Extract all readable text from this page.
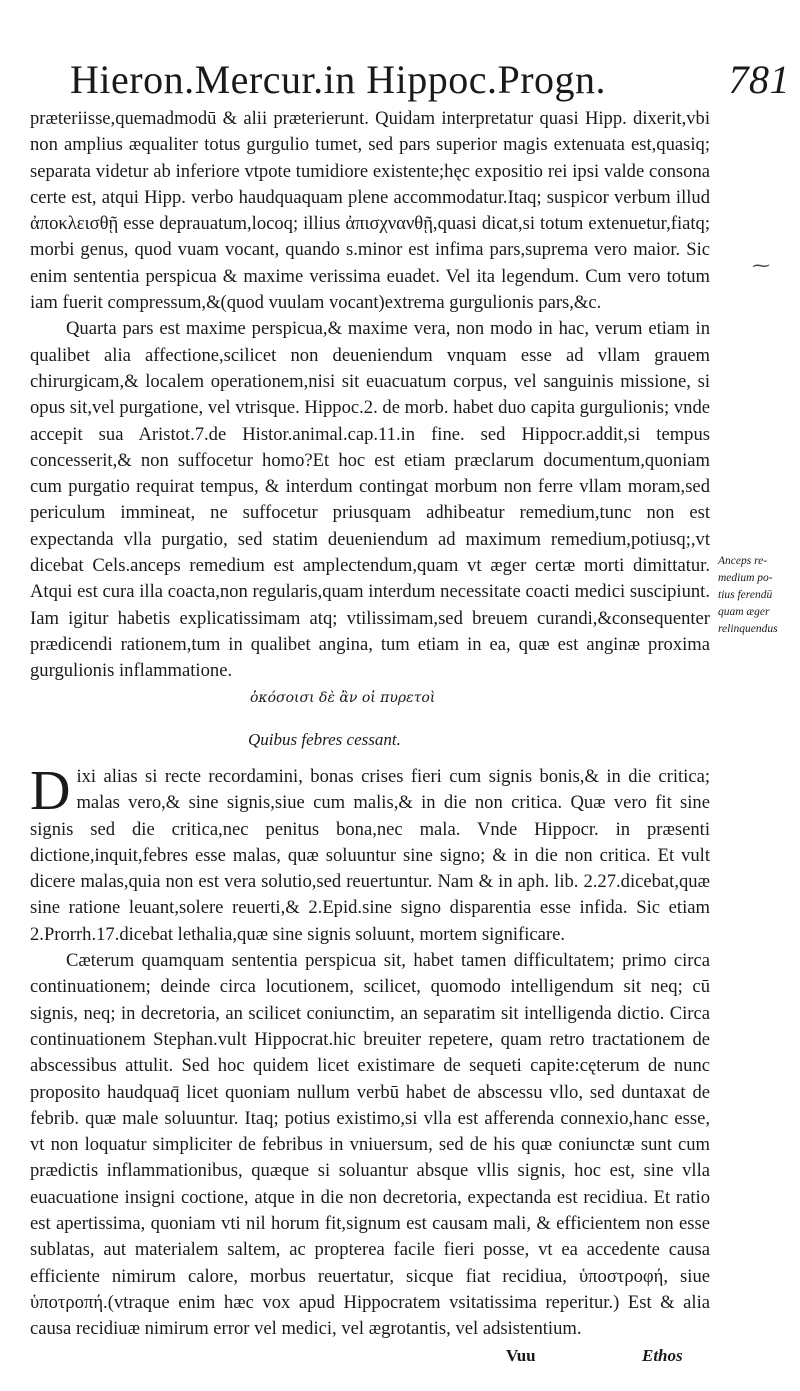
Hieron.Mercur.in Hippoc.Progn.	781
⁓

præteriisse,quemadmodū & alii præterierunt. Quidam interpretatur quasi Hipp. dixerit,vbi non amplius æqualiter totus gurgulio tumet, sed pars superior magis extenuata est,quasiq; separata videtur ab inferiore vtpote tumidiore existente;hęc expositio rei ipsi valde consona certe est, atqui Hipp. verbo haudquaquam plene accommodatur.Itaq; suspicor verbum illud ἀποκλεισθῇ esse deprauatum,locoq; illius ἀπισχνανθῇ,quasi dicat,si totum extenuetur,fiatq; morbi genus, quod vuam vocant, quando s.minor est infima pars,suprema vero maior. Sic enim sententia perspicua & maxime verissima euadet. Vel ita legendum. Cum vero totum iam fuerit compressum,&(quod vuulam vocant)extrema gurgulionis pars,&c.

Quarta pars est maxime perspicua,& maxime vera, non modo in hac, verum etiam in qualibet alia affectione,scilicet non deueniendum vnquam esse ad vllam grauem chirurgicam,& localem operationem,nisi sit euacuatum corpus, vel sanguinis missione, si opus sit,vel purgatione, vel vtrisque. Hippoc.2. de morb. habet duo capita gurgulionis; vnde accepit sua Aristot.7.de Histor.animal.cap.11.in fine. sed Hippocr.addit,si tempus concesserit,& non suffocetur homo?Et hoc est etiam præclarum documentum,quoniam cum purgatio requirat tempus, & interdum contingat morbum non ferre vllam moram,sed periculum immineat, ne suffocetur priusquam adhibeatur remedium,tunc non est expectanda vlla purgatio, sed statim deueniendum ad maximum remedium,potiusq;,vt dicebat Cels.anceps remedium est amplectendum,quam vt æger certæ morti dimittatur. Atqui est cura illa coacta,non regularis,quam interdum necessitate coacti medici suscipiunt. Iam igitur habetis explicatissimam atq; vtilissimam,sed breuem curandi,&consequenter prædicendi rationem,tum in qualibet angina, tum etiam in ea, quæ est anginæ proxima gurgulionis inflammatione.

Anceps re-
medium po-
tius ferendū
quam æger
relinquendus
ὁκόσοισι δὲ ἂν οἱ πυρετοὶ
Quibus febres cessant.
D ixi alias si recte recordamini, bonas crises fieri cum signis bonis,& in die critica; malas vero,& sine signis,siue cum malis,& in die non critica. Quæ vero fit sine signis sed die critica,nec penitus bona,nec mala. Vnde Hippocr. in præsenti dictione,inquit,febres esse malas, quæ soluuntur sine signo; & in die non critica. Et vult dicere malas,quia non est vera solutio,sed reuertuntur. Nam & in aph. lib. 2.27.dicebat,quæ sine ratione leuant,solere reuerti,& 2.Epid.sine signo disparentia esse infida. Sic etiam 2.Prorrh.17.dicebat lethalia,quæ sine signis soluunt, mortem significare.

Cæterum quamquam sententia perspicua sit, habet tamen difficultatem; primo circa continuationem; deinde circa locutionem, scilicet, quomodo intelligendum sit neq; cū signis, neq; in decretoria, an scilicet coniunctim, an separatim sit intelligenda dictio. Circa continuationem Stephan.vult Hippocrat.hic breuiter repetere, quam retro tractationem de abscessibus attulit. Sed hoc quidem licet existimare de sequeti capite:cęterum de nunc proposito haudquaq̄ licet quoniam nullum verbū habet de abscessu vllo, sed duntaxat de febrib. quæ male soluuntur. Itaq; potius existimo,si vlla est afferenda connexio,hanc esse, vt non loquatur simpliciter de febribus in vniuersum, sed de his quæ coniunctæ sunt cum prædictis inflammationibus, quæque si soluantur absque vllis signis, hoc est, sine vlla euacuatione insigni coctione, atque in die non decretoria, expectanda est recidiua. Et ratio est apertissima, quoniam vti nil horum fit,signum est causam mali, & efficientem non esse sublatas, aut materialem saltem, ac propterea facile fieri posse, vt ea accedente causa efficiente nimirum calore, morbus reuertatur, sicque fiat recidiua, ὑποστροφή, siue ὑποτροπή.(vtraque enim hæc vox apud Hippocratem vsitatissima reperitur.) Est & alia causa recidiuæ nimirum error vel medici, vel ægrotantis, vel adsistentium.

Vuu	Ethos
